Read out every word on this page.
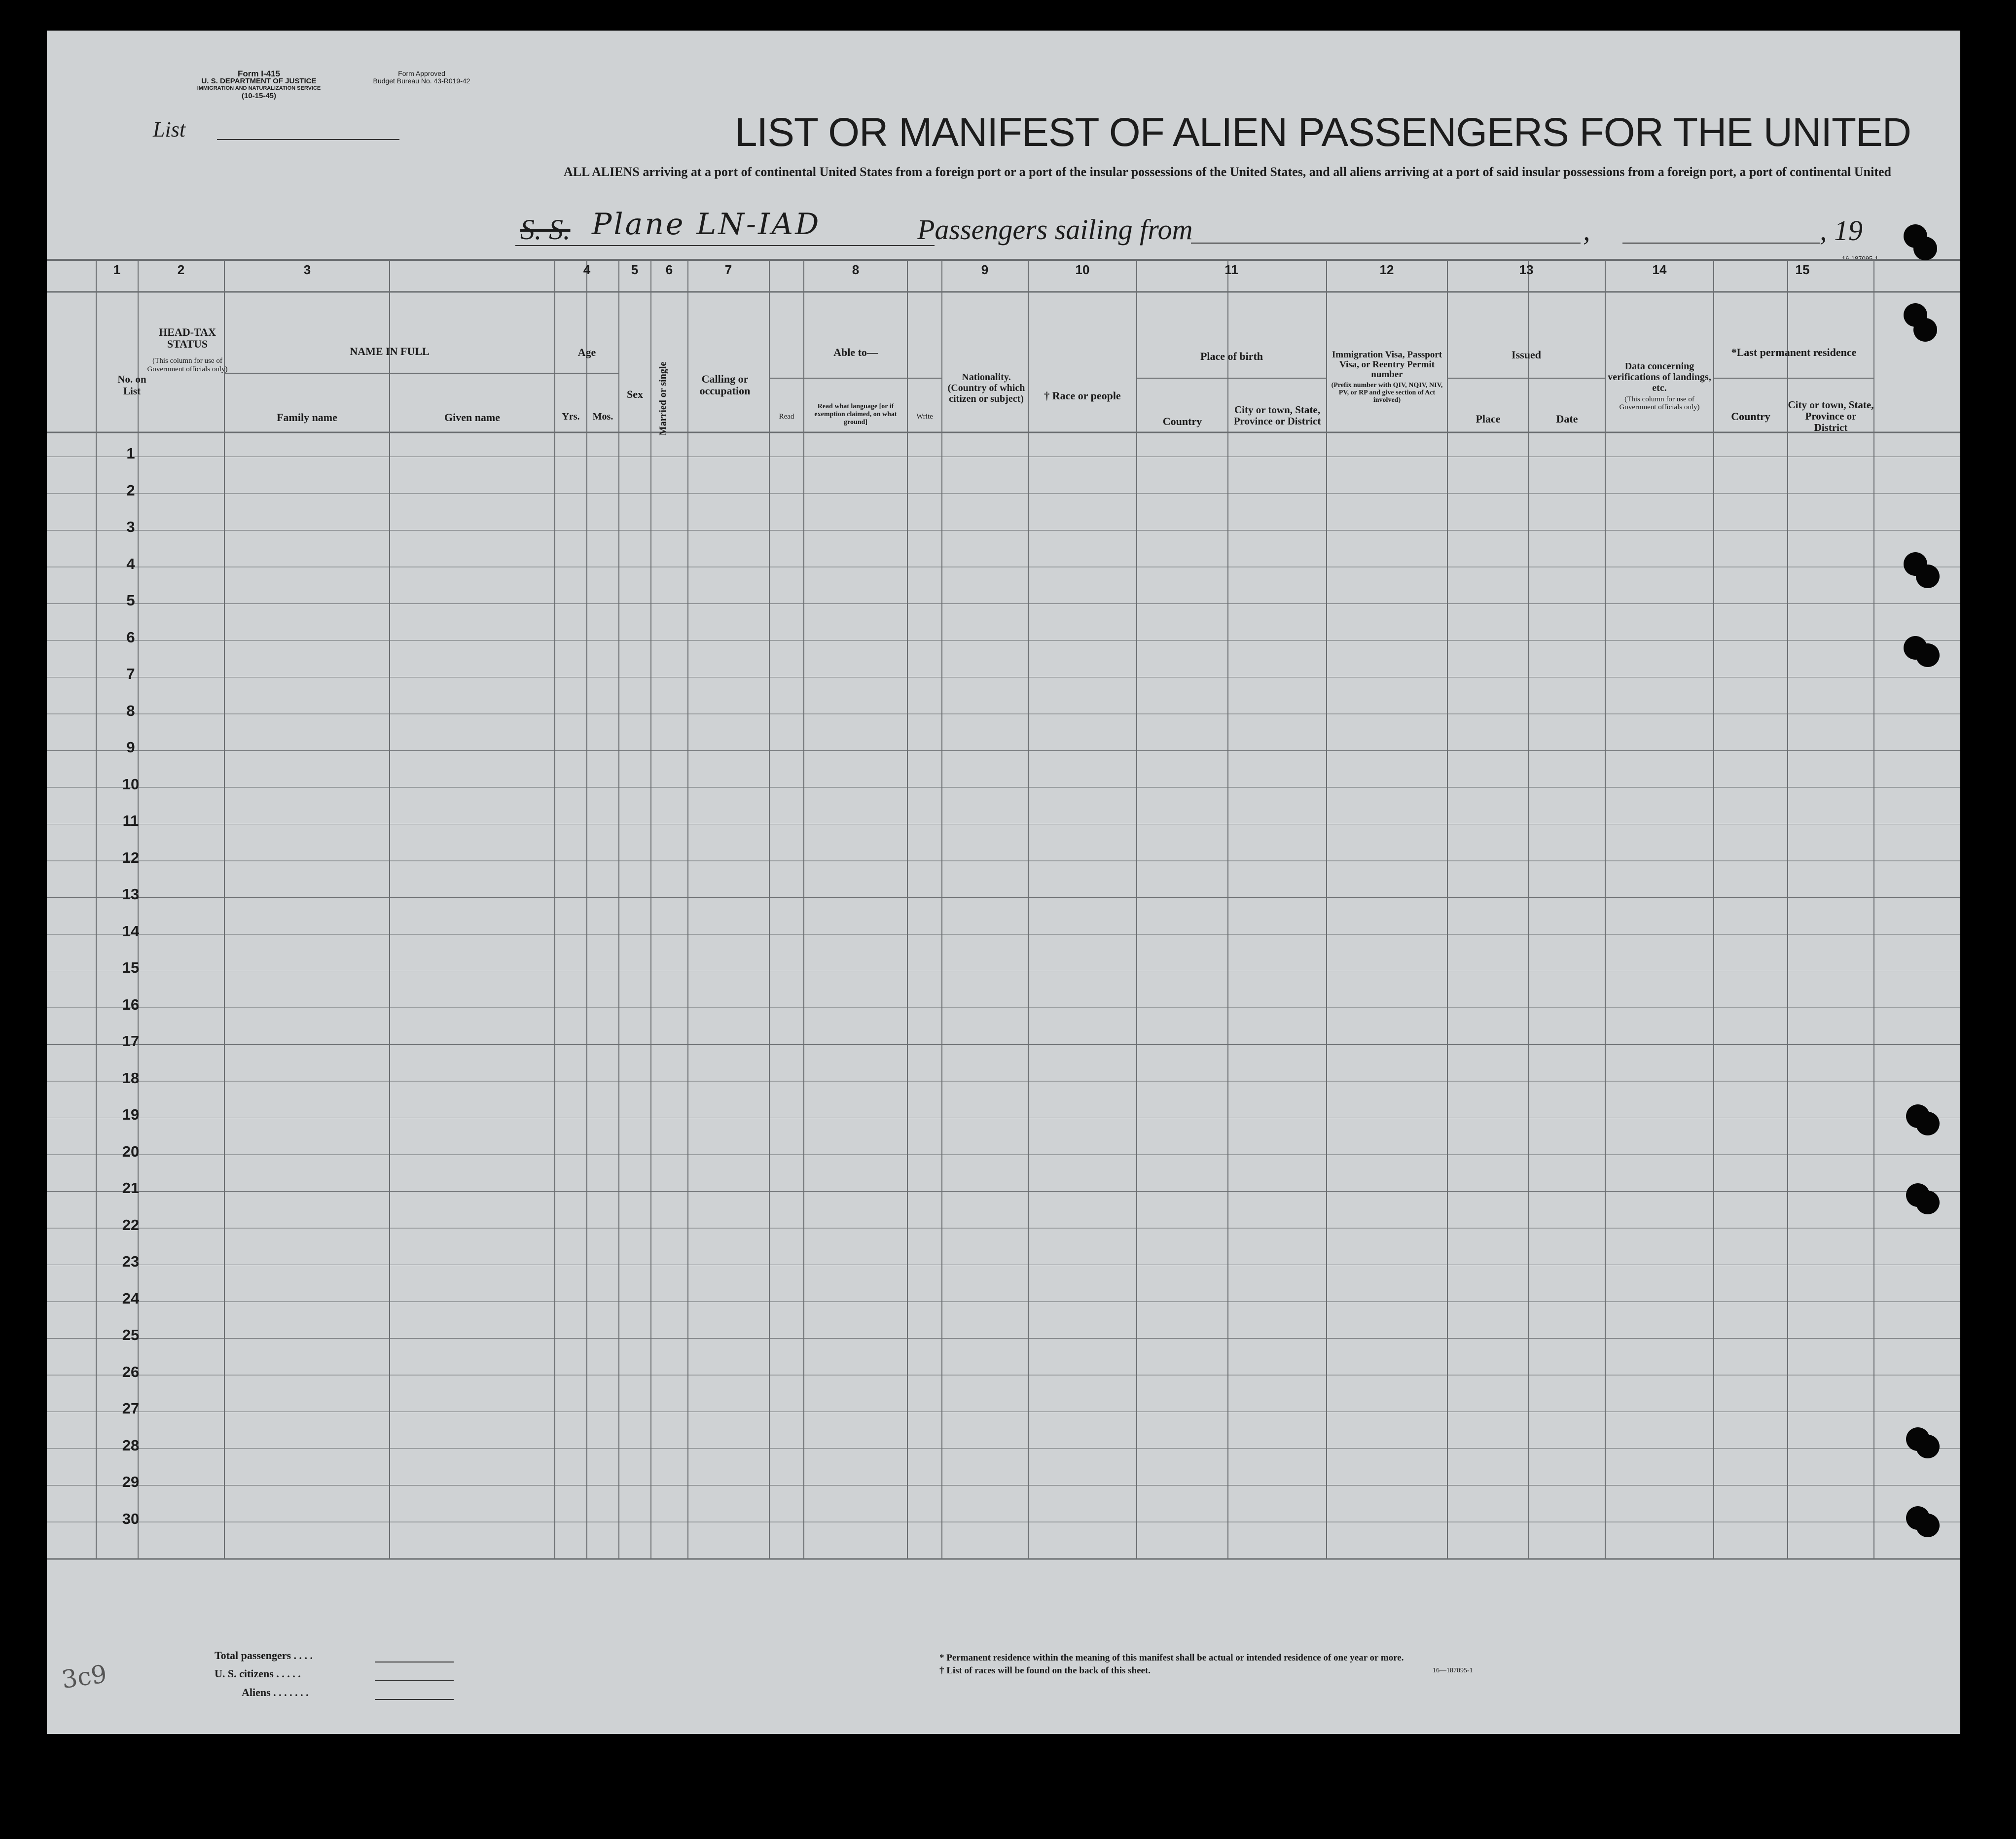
Form I-415
U. S. DEPARTMENT OF JUSTICE
IMMIGRATION AND NATURALIZATION SERVICE
(10-15-45)
Form Approved
Budget Bureau No. 43-R019-42
List	LIST OR MANIFEST OF ALIEN PASSENGERS FOR THE UNITED
ALL ALIENS arriving at a port of continental United States from a foreign port or a port of the insular possessions of the United States, and all aliens arriving at a port of said insular possessions from a foreign port, a port of continental United
S. S. Plane LN-IAD	Passengers sailing from	,	, 19
16-187095-1
1	2	3	4	5	6	7	8	9	10	11	12	13	14	15
No. on List
HEAD-TAX STATUS
(This column for use of Government officials only)
NAME IN FULL
Family name	Given name
Age
Yrs.	Mos.
Sex	Married or single	Calling or occupation
Able to—
Read
Read what language [or if exemption claimed, on what ground]
Write
Nationality. (Country of which citizen or subject)	† Race or people
Place of birth
Country
City or town, State, Province or District
Immigration Visa, Passport Visa, or Reentry Permit number
(Prefix number with QIV, NQIV, NIV, PV, or RP and give section of Act involved)
Issued
Place	Date
Data concerning verifications of landings, etc.
(This column for use of Government officials only)
*Last permanent residence
Country
City or town, State, Province or District
1
2
3
4
5
6
7
8
9
10
11
12
13
14
15
16
17
18
19
20
21
22
23
24
25
26
27
28
29
30
Total passengers . . . .
U. S. citizens . . . . .
Aliens . . . . . . .
* Permanent residence within the meaning of this manifest shall be actual or intended residence of one year or more.
† List of races will be found on the back of this sheet.	16—187095-1
3c9
